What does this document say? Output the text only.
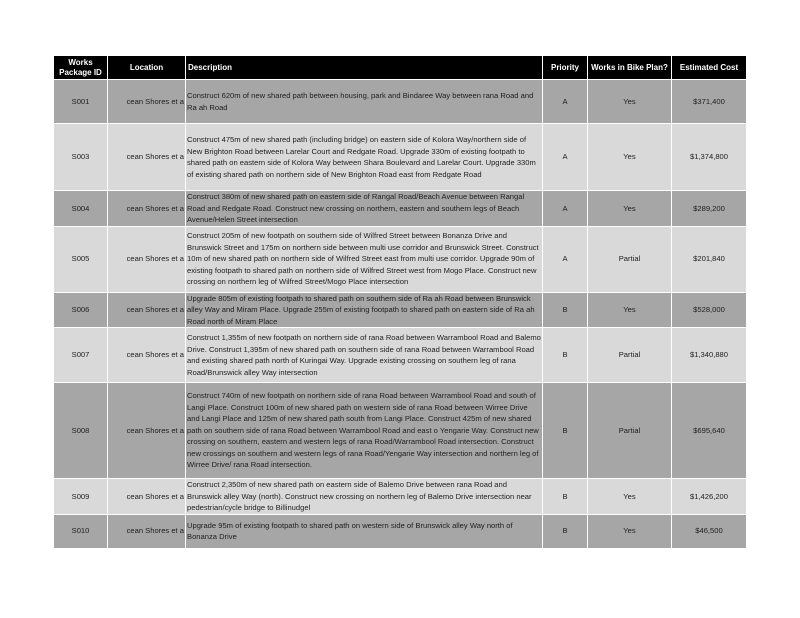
Works Package ID	Location	Description	Priority	Works in Bike Plan?	Estimated Cost
S001	cean Shores et a	Construct 620m of new shared path between housing, park and Bindaree Way between rana Road and Ra ah Road	A	Yes	$371,400
S003	cean Shores et a	Construct 475m of new shared path (including bridge) on eastern side of Kolora Way/northern side of New Brighton Road between Larelar Court and Redgate Road. Upgrade 330m of existing footpath to shared path on eastern side of Kolora Way between Shara Boulevard and Larelar Court. Upgrade 330m of existing shared path on northern side of New Brighton Road east from Redgate Road	A	Yes	$1,374,800
S004	cean Shores et a	Construct 380m of new shared path on eastern side of Rangal Road/Beach Avenue between Rangal Road and Redgate Road. Construct new crossing on northern, eastern and southern legs of Beach Avenue/Helen Street intersection	A	Yes	$289,200
S005	cean Shores et a	Construct 205m of new footpath on southern side of Wilfred Street between Bonanza Drive and Brunswick Street and 175m on northern side between multi use corridor and Brunswick Street. Construct 10m of new shared path on northern side of Wilfred Street east from multi use corridor. Upgrade 90m of existing footpath to shared path on northern side of Wilfred Street west from Mogo Place. Construct new crossing on northern leg of Wilfred Street/Mogo Place intersection	A	Partial	$201,840
S006	cean Shores et a	Upgrade 805m of existing footpath to shared path on southern side of Ra ah Road between Brunswick alley Way and Miram Place. Upgrade 255m of existing footpath to shared path on eastern side of Ra ah Road north of Miram Place	B	Yes	$528,000
S007	cean Shores et a	Construct 1,355m of new footpath on northern side of rana Road between Warrambool Road and Balemo Drive. Construct 1,395m of new shared path on southern side of rana Road between Warrambool Road and existing shared path north of Kuringai Way. Upgrade existing crossing on southern leg of rana Road/Brunswick alley Way intersection	B	Partial	$1,340,880
S008	cean Shores et a	Construct 740m of new footpath on northern side of rana Road between Warrambool Road and south of Langi Place. Construct 100m of new shared path on western side of rana Road between Wirree Drive and Langi Place and 125m of new shared path south from Langi Place. Construct 425m of new shared path on southern side of rana Road between Warrambool Road and east o Yengarie Way. Construct new crossing on southern, eastern and western legs of rana Road/Warrambool Road intersection. Construct new crossings on southern and western legs of rana Road/Yengarie Way intersection and northern leg of Wirree Drive/ rana Road intersection.	B	Partial	$695,640
S009	cean Shores et a	Construct 2,350m of new shared path on eastern side of Balemo Drive between rana Road and Brunswick alley Way (north). Construct new crossing on northern leg of Balemo Drive intersection near pedestrian/cycle bridge to Billinudgel	B	Yes	$1,426,200
S010	cean Shores et a	Upgrade 95m of existing footpath to shared path on western side of Brunswick alley Way north of Bonanza Drive	B	Yes	$46,500
